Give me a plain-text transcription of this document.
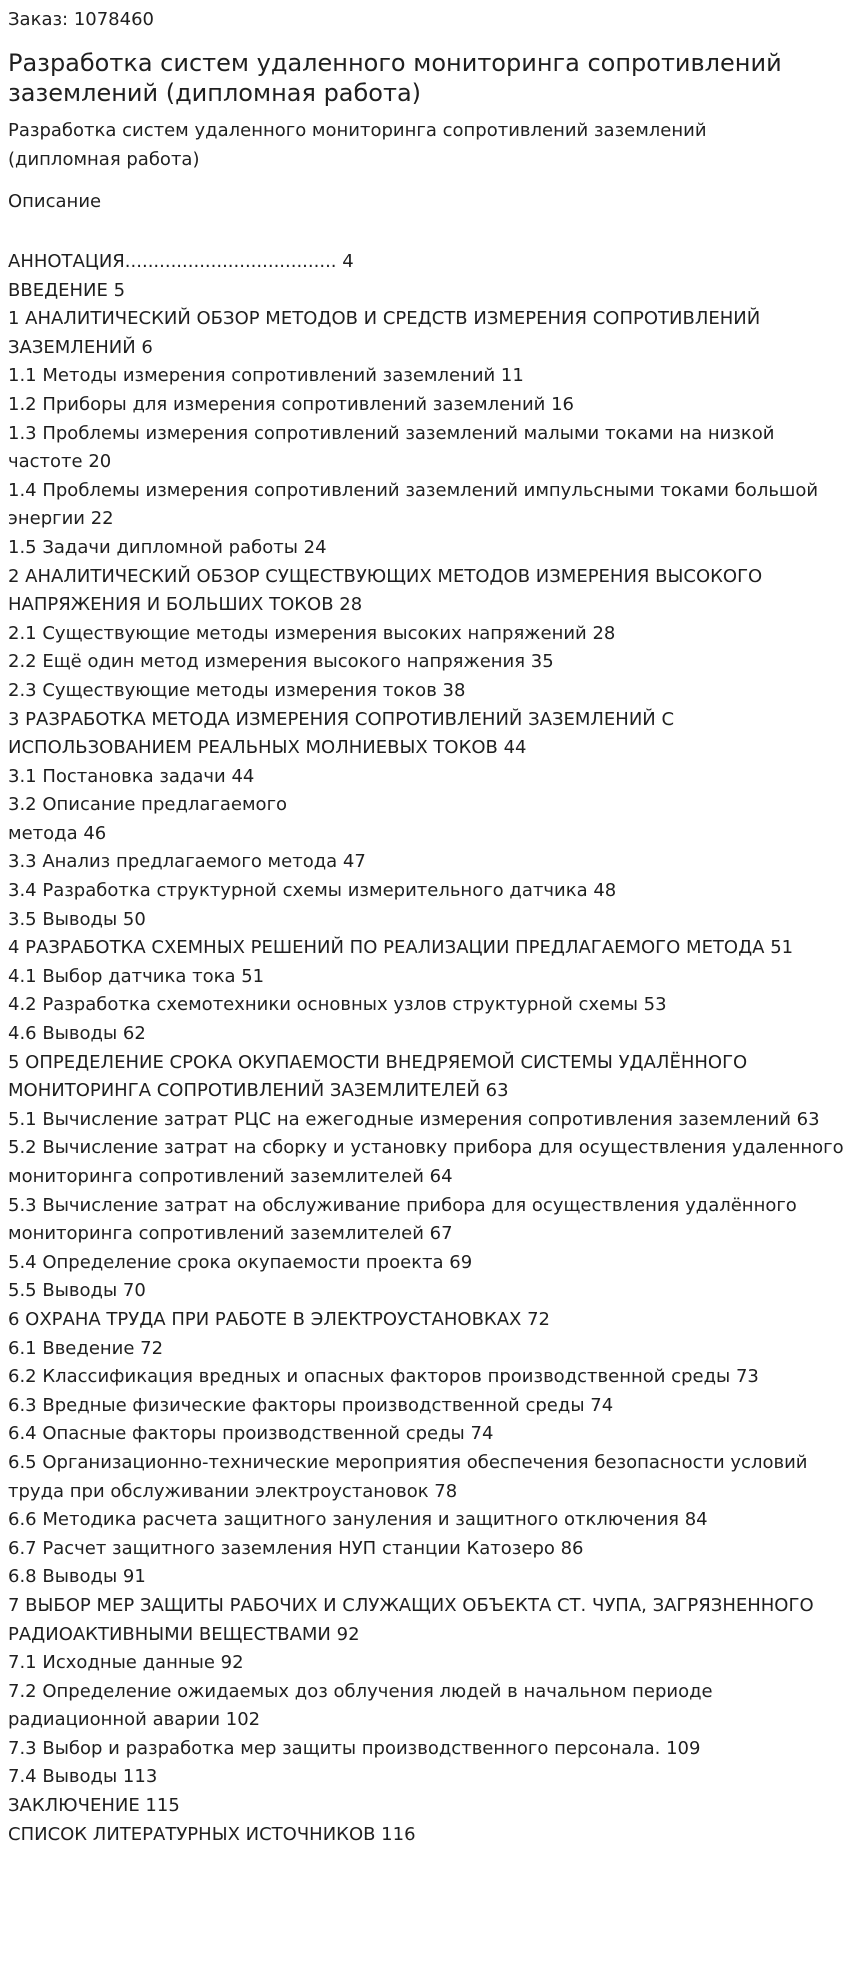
Заказ: 1078460
Разработка систем удаленного мониторинга сопротивлений заземлений (дипломная работа)
Разработка систем удаленного мониторинга сопротивлений заземлений (дипломная работа)
Описание
АННОТАЦИЯ..................................... 4
ВВЕДЕНИЕ 5
1 АНАЛИТИЧЕСКИЙ ОБЗОР МЕТОДОВ И СРЕДСТВ ИЗМЕРЕНИЯ СОПРОТИВЛЕНИЙ ЗАЗЕМЛЕНИЙ 6
1.1 Методы измерения сопротивлений заземлений 11
1.2 Приборы для измерения сопротивлений заземлений 16
1.3 Проблемы измерения сопротивлений заземлений малыми токами на низкой частоте 20
1.4 Проблемы измерения сопротивлений заземлений импульсными токами большой энергии 22
1.5 Задачи дипломной работы 24
2 АНАЛИТИЧЕСКИЙ ОБЗОР СУЩЕСТВУЮЩИХ МЕТОДОВ ИЗМЕРЕНИЯ ВЫСОКОГО НАПРЯЖЕНИЯ И БОЛЬШИХ ТОКОВ 28
2.1 Существующие методы измерения высоких напряжений 28
2.2 Ещё один метод измерения высокого напряжения 35
2.3 Существующие методы измерения токов 38
3 РАЗРАБОТКА МЕТОДА ИЗМЕРЕНИЯ СОПРОТИВЛЕНИЙ ЗАЗЕМЛЕНИЙ С ИСПОЛЬЗОВАНИЕМ РЕАЛЬНЫХ МОЛНИЕВЫХ ТОКОВ 44
3.1 Постановка задачи 44
3.2 Описание предлагаемого
метода 46
3.3 Анализ предлагаемого метода 47
3.4 Разработка структурной схемы измерительного датчика 48
3.5 Выводы 50
4 РАЗРАБОТКА СХЕМНЫХ РЕШЕНИЙ ПО РЕАЛИЗАЦИИ ПРЕДЛАГАЕМОГО МЕТОДА 51
4.1 Выбор датчика тока 51
4.2 Разработка схемотехники основных узлов структурной схемы 53
4.6 Выводы 62
5 ОПРЕДЕЛЕНИЕ СРОКА ОКУПАЕМОСТИ ВНЕДРЯЕМОЙ СИСТЕМЫ УДАЛЁННОГО МОНИТОРИНГА СОПРОТИВЛЕНИЙ ЗАЗЕМЛИТЕЛЕЙ 63
5.1 Вычисление затрат РЦС на ежегодные измерения сопротивления заземлений 63
5.2 Вычисление затрат на сборку и установку прибора для осуществления удаленного мониторинга сопротивлений заземлителей 64
5.3 Вычисление затрат на обслуживание прибора для осуществления удалённого мониторинга сопротивлений заземлителей 67
5.4 Определение срока окупаемости проекта 69
5.5 Выводы 70
6 ОХРАНА ТРУДА ПРИ РАБОТЕ В ЭЛЕКТРОУСТАНОВКАХ 72
6.1 Введение 72
6.2 Классификация вредных и опасных факторов производственной среды 73
6.3 Вредные физические факторы производственной среды 74
6.4 Опасные факторы производственной среды 74
6.5 Организационно-технические мероприятия обеспечения безопасности условий труда при обслуживании электроустановок 78
6.6 Методика расчета защитного зануления и защитного отключения 84
6.7 Расчет защитного заземления НУП станции Катозеро 86
6.8 Выводы 91
7 ВЫБОР МЕР ЗАЩИТЫ РАБОЧИХ И СЛУЖАЩИХ ОБЪЕКТА СТ. ЧУПА, ЗАГРЯЗНЕННОГО РАДИОАКТИВНЫМИ ВЕЩЕСТВАМИ 92
7.1 Исходные данные 92
7.2 Определение ожидаемых доз облучения людей в начальном периоде радиационной аварии 102
7.3 Выбор и разработка мер защиты производственного персонала. 109
7.4 Выводы 113
ЗАКЛЮЧЕНИЕ 115
СПИСОК ЛИТЕРАТУРНЫХ ИСТОЧНИКОВ 116
